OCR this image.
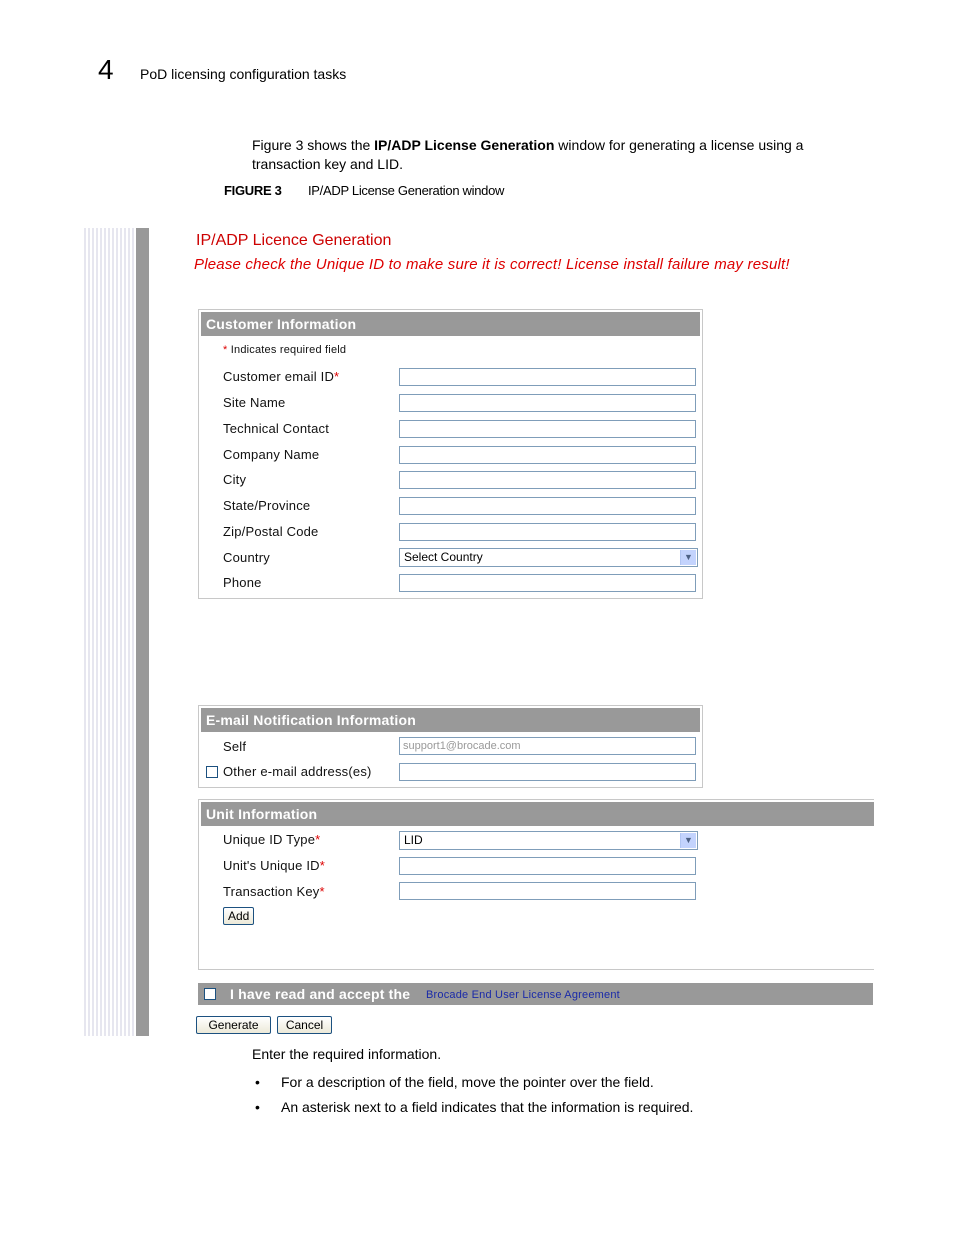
4 PoD licensing configuration tasks
Figure 3 shows the IP/ADP License Generation window for generating a license using a transaction key and LID.
FIGURE 3 IP/ADP License Generation window
IP/ADP Licence Generation
Please check the Unique ID to make sure it is correct! License install failure may result!
Customer Information
* Indicates required field
Customer email ID*
Site Name
Technical Contact
Company Name
City
State/Province
Zip/Postal Code
Country	Select Country	▼
Phone
E-mail Notification Information
Self	support1@brocade.com
Other e-mail address(es)
Unit Information
Unique ID Type*	LID	▼
Unit's Unique ID*
Transaction Key*
Add
I have read and accept the Brocade End User License Agreement
Generate	Cancel
Enter the required information.
• For a description of the field, move the pointer over the field.
• An asterisk next to a field indicates that the information is required.
